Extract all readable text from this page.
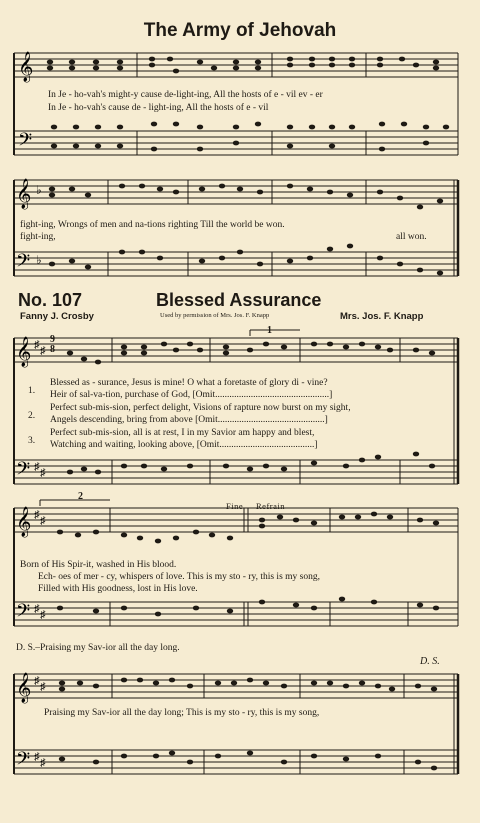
The Army of Jehovah
𝄞
𝄢
In Je - ho-vah's might-y cause de-light-ing, All the hosts of e - vil ev - er
In Je - ho-vah's cause de - light-ing, All the hosts of e - vil
𝄞
𝄢
♭
♭
fight-ing, Wrongs of men and na-tions righting Till the world be won.
fight-ing,	all won.
No. 107	Blessed Assurance
Fanny J. Crosby	Used by permission of Mrs. Jos. F. Knapp	Mrs. Jos. F. Knapp
𝄞
𝄢
♯ ♯
♯ ♯
1
9
8
1.
Blessed as - surance, Jesus is mine! O what a foretaste of glory di - vine?
Heir of sal-va-tion, purchase of God, [Omit................................................]
2.
Perfect sub-mis-sion, perfect delight, Visions of rapture now burst on my sight,
Angels descending, bring from above [Omit.............................................]
3.
Perfect sub-mis-sion, all is at rest, I in my Savior am happy and blest,
Watching and waiting, looking above, [Omit........................................]
𝄞
𝄢
♯ ♯
♯ ♯
2
Fine Refrain
Born of His Spir-it, washed in His blood.
Ech- oes of mer - cy, whispers of love. This is my sto - ry, this is my song,
Filled with His goodness, lost in His love.
D. S.–Praising my Sav-ior all the day long.
D. S.
𝄞
𝄢
♯ ♯
♯ ♯
Praising my Sav-ior all the day long; This is my sto - ry, this is my song,
